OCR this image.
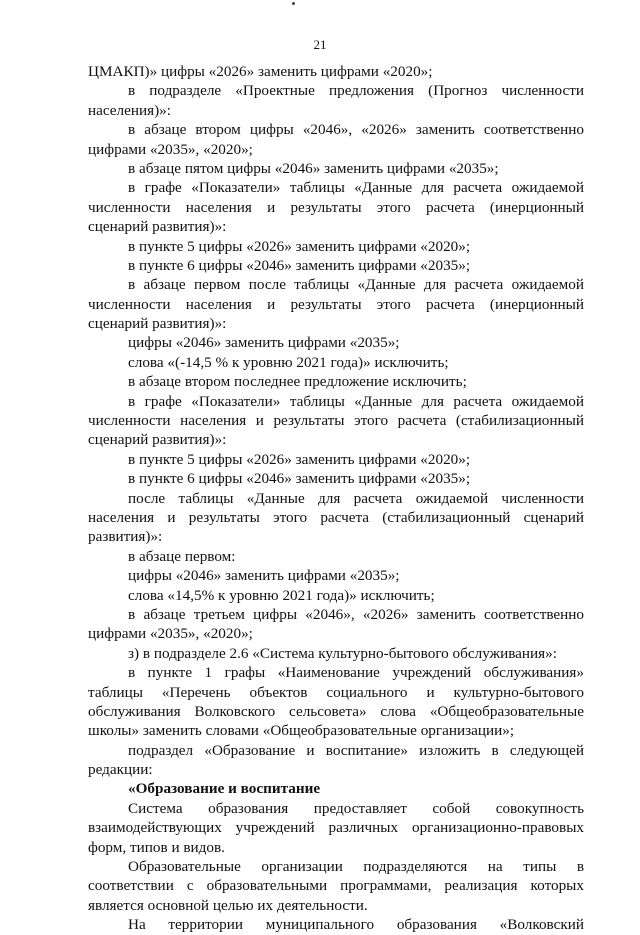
21
ЦМАКП)» цифры «2026» заменить цифрами «2020»;
в подразделе «Проектные предложения (Прогноз численности
населения)»:
в абзаце втором цифры «2046», «2026» заменить соответственно
цифрами «2035», «2020»;
в абзаце пятом цифры «2046» заменить цифрами «2035»;
в графе «Показатели» таблицы «Данные для расчета ожидаемой
численности населения и результаты этого расчета (инерционный
сценарий развития)»:
в пункте 5 цифры «2026» заменить цифрами «2020»;
в пункте 6 цифры «2046» заменить цифрами «2035»;
в абзаце первом после таблицы «Данные для расчета ожидаемой
численности населения и результаты этого расчета (инерционный
сценарий развития)»:
цифры «2046» заменить цифрами «2035»;
слова «(-14,5 % к уровню 2021 года)» исключить;
в абзаце втором последнее предложение исключить;
в графе «Показатели» таблицы «Данные для расчета ожидаемой
численности населения и результаты этого расчета (стабилизационный
сценарий развития)»:
в пункте 5 цифры «2026» заменить цифрами «2020»;
в пункте 6 цифры «2046» заменить цифрами «2035»;
после таблицы «Данные для расчета ожидаемой численности
населения и результаты этого расчета (стабилизационный сценарий
развития)»:
в абзаце первом:
цифры «2046» заменить цифрами «2035»;
слова «14,5% к уровню 2021 года)» исключить;
в абзаце третьем цифры «2046», «2026» заменить соответственно
цифрами «2035», «2020»;
з) в подразделе 2.6 «Система культурно-бытового обслуживания»:
в пункте 1 графы «Наименование учреждений обслуживания»
таблицы «Перечень объектов социального и культурно-бытового
обслуживания Волковского сельсовета» слова «Общеобразовательные
школы» заменить словами «Общеобразовательные организации»;
подраздел «Образование и воспитание» изложить в следующей
редакции:
«Образование и воспитание
Система образования предоставляет собой совокупность
взаимодействующих учреждений различных организационно-правовых
форм, типов и видов.
Образовательные организации подразделяются на типы в
соответствии с образовательными программами, реализация которых
является основной целью их деятельности.
На территории муниципального образования «Волковский
